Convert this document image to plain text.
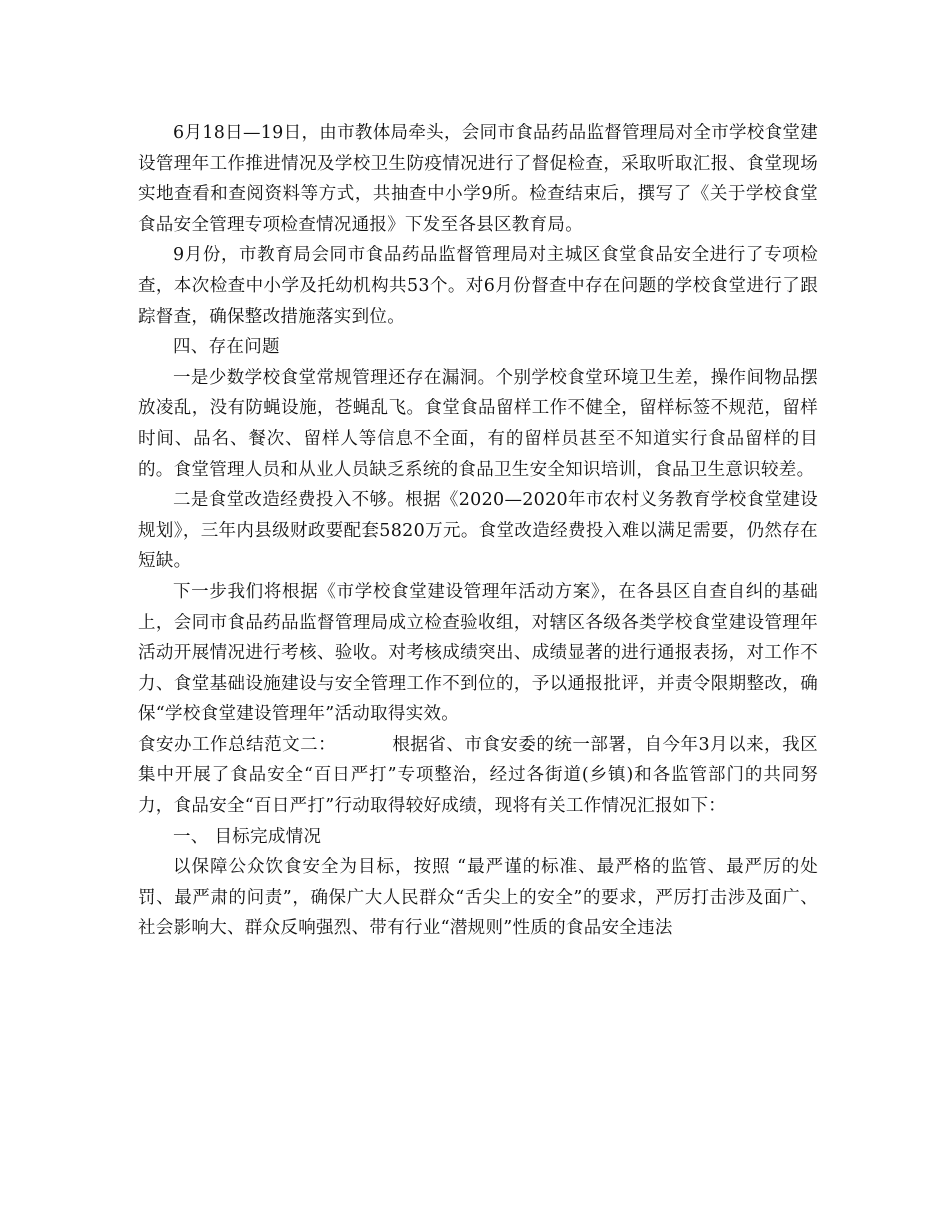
6月18日—19日，由市教体局牵头，会同市食品药品监督管理局对全市学校食堂建设管理年工作推进情况及学校卫生防疫情况进行了督促检查，采取听取汇报、食堂现场实地查看和查阅资料等方式，共抽查中小学9所。检查结束后，撰写了《关于学校食堂食品安全管理专项检查情况通报》下发至各县区教育局。

9月份，市教育局会同市食品药品监督管理局对主城区食堂食品安全进行了专项检查，本次检查中小学及托幼机构共53个。对6月份督查中存在问题的学校食堂进行了跟踪督查，确保整改措施落实到位。

四、存在问题

一是少数学校食堂常规管理还存在漏洞。个别学校食堂环境卫生差，操作间物品摆放凌乱，没有防蝇设施，苍蝇乱飞。食堂食品留样工作不健全，留样标签不规范，留样时间、品名、餐次、留样人等信息不全面，有的留样员甚至不知道实行食品留样的目的。食堂管理人员和从业人员缺乏系统的食品卫生安全知识培训，食品卫生意识较差。

二是食堂改造经费投入不够。根据《2020—2020年市农村义务教育学校食堂建设规划》，三年内县级财政要配套5820万元。食堂改造经费投入难以满足需要，仍然存在短缺。

下一步我们将根据《市学校食堂建设管理年活动方案》，在各县区自查自纠的基础上，会同市食品药品监督管理局成立检查验收组，对辖区各级各类学校食堂建设管理年活动开展情况进行考核、验收。对考核成绩突出、成绩显著的进行通报表扬，对工作不力、食堂基础设施建设与安全管理工作不到位的，予以通报批评，并责令限期整改，确保“学校食堂建设管理年”活动取得实效。

食安办工作总结范文二：	根据省、市食安委的统一部署，自今年3月以来，我区集中开展了食品安全“百日严打”专项整治，经过各街道(乡镇)和各监管部门的共同努力，食品安全“百日严打”行动取得较好成绩，现将有关工作情况汇报如下：

一、 目标完成情况

以保障公众饮食安全为目标，按照 “最严谨的标准、最严格的监管、最严厉的处罚、最严肃的问责”，确保广大人民群众“舌尖上的安全”的要求，严厉打击涉及面广、社会影响大、群众反响强烈、带有行业“潜规则”性质的食品安全违法
